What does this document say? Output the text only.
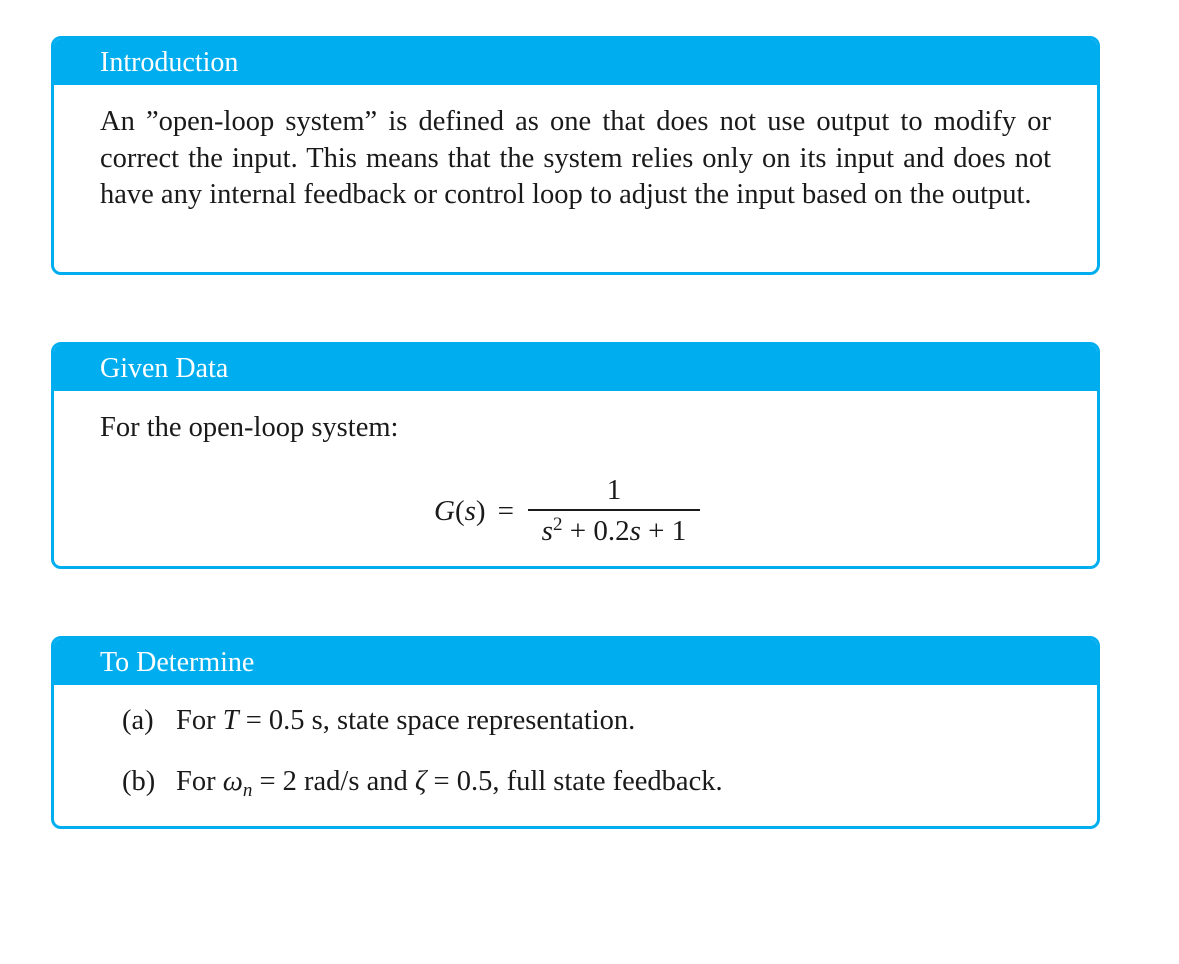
Introduction

An ”open-loop system” is defined as one that does not use output to modify or correct the input. This means that the system relies only on its input and does not have any internal feedback or control loop to adjust the input based on the output.

Given Data

For the open-loop system:

$G(s) = \frac{1}{s^2 + 0.2s + 1}$
To Determine
(a) For T = 0.5 s, state space representation.
(b) For $\omega_n = 2$ rad/s and ζ = 0.5, full state feedback.
